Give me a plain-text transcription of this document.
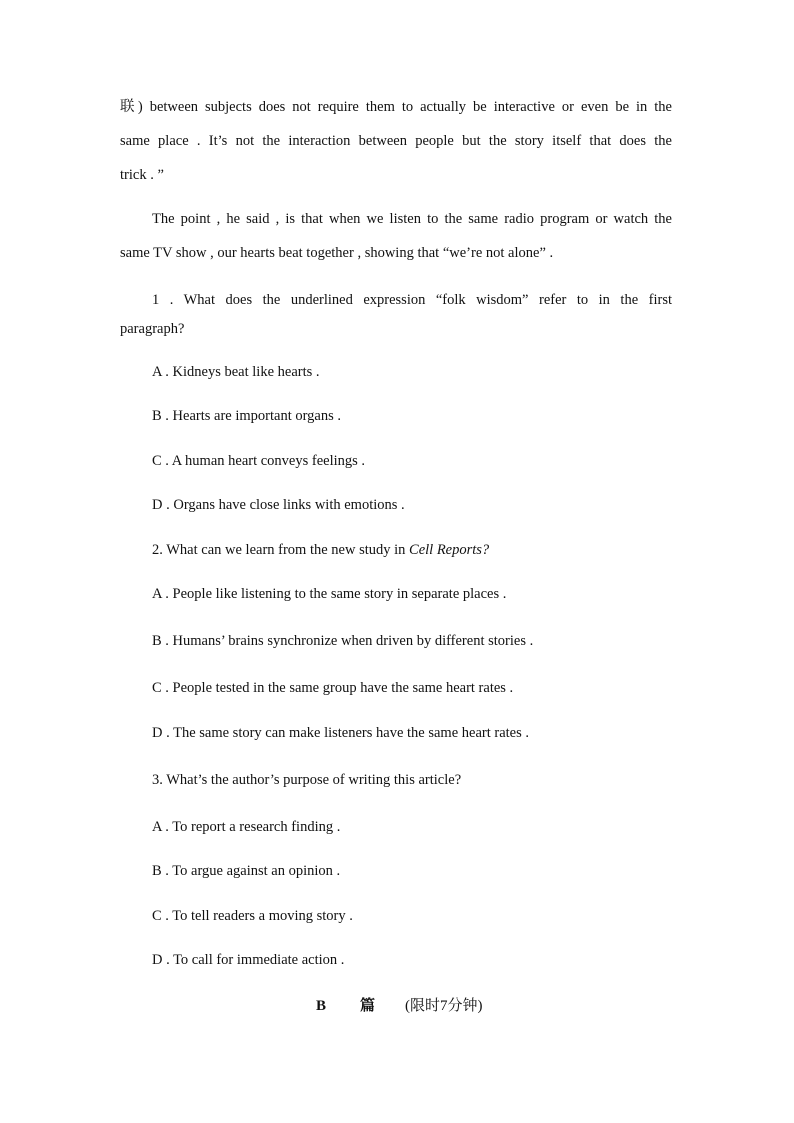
联) between subjects does not require them to actually be interactive or even be in the
same place . It’s not the interaction between people but the story itself that does the
trick . ”
The point , he said , is that when we listen to the same radio program or watch the
same TV show , our hearts beat together , showing that “we’re not alone” .
1 . What does the underlined expression “folk wisdom” refer to in the first
paragraph?
A . Kidneys beat like hearts .
B . Hearts are important organs .
C . A human heart conveys feelings .
D . Organs have close links with emotions .
2. What can we learn from the new study in Cell Reports?
A . People like listening to the same story in separate places .
B . Humans’ brains synchronize when driven by different stories .
C . People tested in the same group have the same heart rates .
D . The same story can make listeners have the same heart rates .
3. What’s the author’s purpose of writing this article?
A . To report a research finding .
B . To argue against an opinion .
C . To tell readers a moving story .
D . To call for immediate action .
B 篇 (限时7分钟)
